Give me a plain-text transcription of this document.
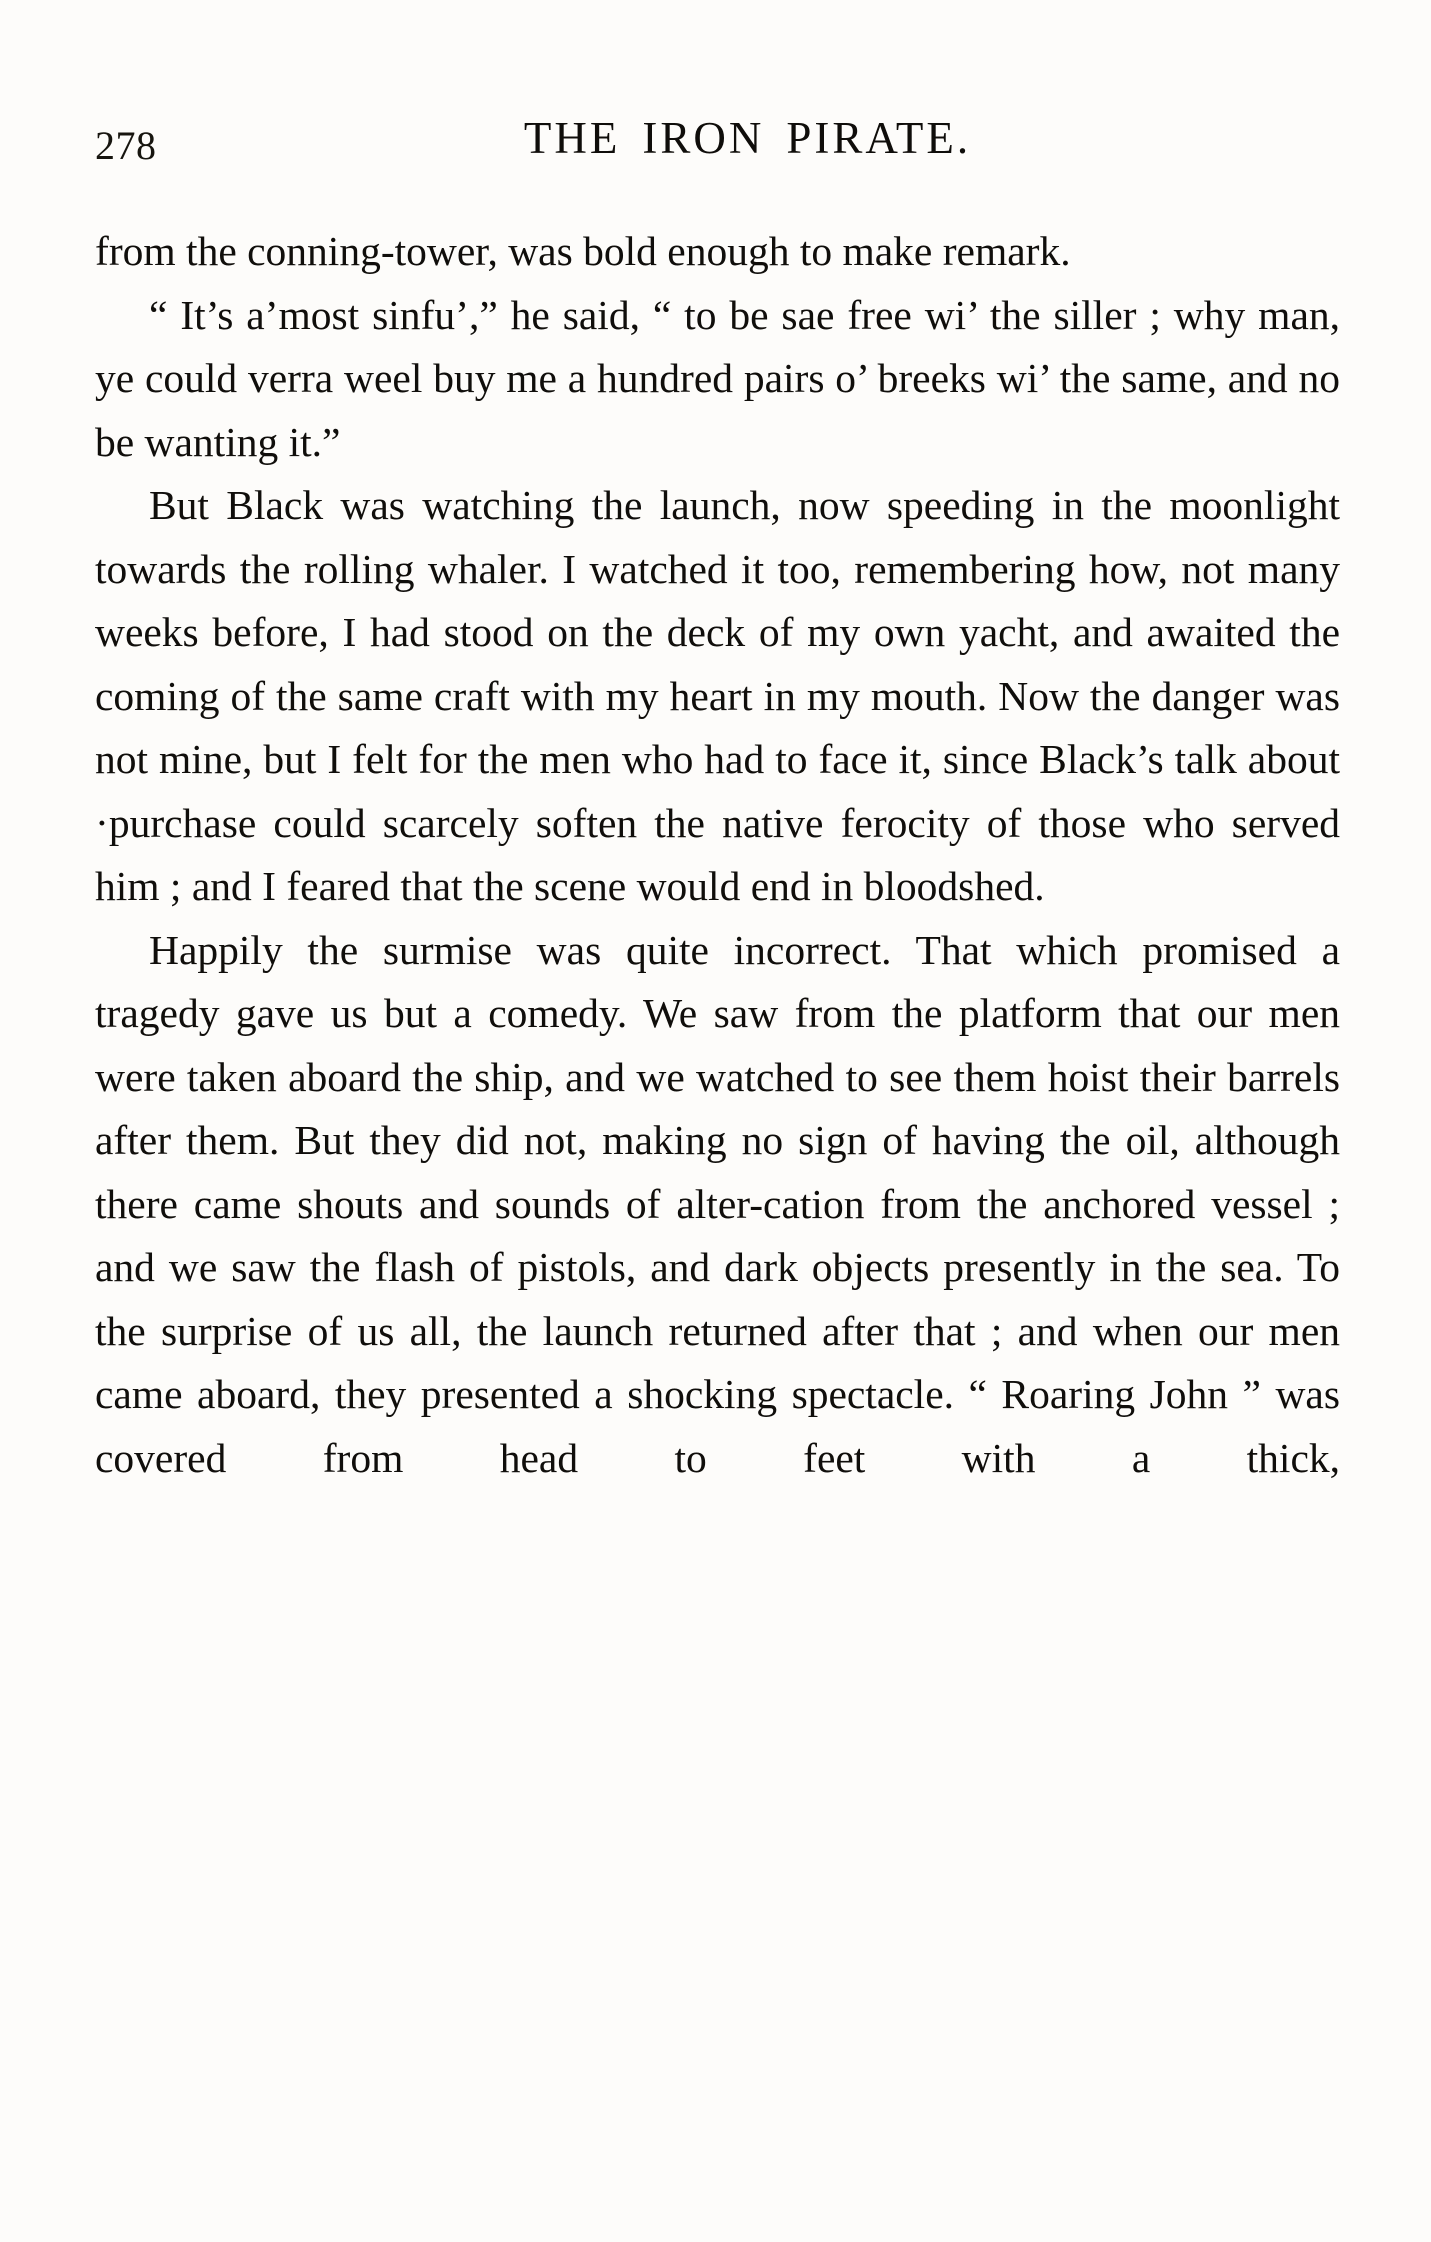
278	THE IRON PIRATE.

from the conning-tower, was bold enough to make remark.

“ It’s a’most sinfu’,” he said, “ to be sae free wi’ the siller ; why man, ye could verra weel buy me a hundred pairs o’ breeks wi’ the same, and no be wanting it.”

But Black was watching the launch, now speeding in the moonlight towards the rolling whaler. I watched it too, remembering how, not many weeks before, I had stood on the deck of my own yacht, and awaited the coming of the same craft with my heart in my mouth. Now the danger was not mine, but I felt for the men who had to face it, since Black’s talk about ·purchase could scarcely soften the native ferocity of those who served him ; and I feared that the scene would end in bloodshed.

Happily the surmise was quite incorrect. That which promised a tragedy gave us but a comedy. We saw from the platform that our men were taken aboard the ship, and we watched to see them hoist their barrels after them. But they did not, making no sign of having the oil, although there came shouts and sounds of alter-cation from the anchored vessel ; and we saw the flash of pistols, and dark objects presently in the sea. To the surprise of us all, the launch returned after that ; and when our men came aboard, they presented a shocking spectacle. “ Roaring John ” was covered from head to feet with a thick,
